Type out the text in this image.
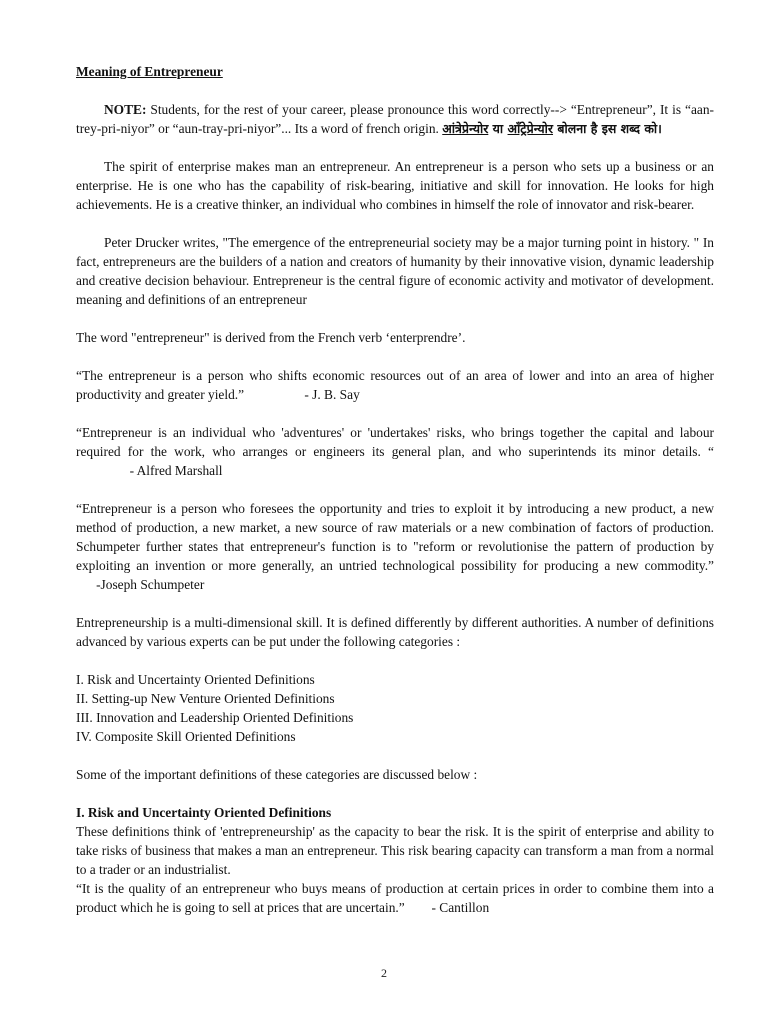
Meaning of Entrepreneur
NOTE: Students, for the rest of your career, please pronounce this word correctly--> “Entrepreneur”, It is “aan-trey-pri-niyor” or “aun-tray-pri-niyor”... Its a word of french origin. आंत्रेप्रेन्योर या ऑंट्रेप्रेन्योर बोलना है इस शब्द को।
The spirit of enterprise makes man an entrepreneur. An entrepreneur is a person who sets up a business or an enterprise. He is one who has the capability of risk-bearing, initiative and skill for innovation. He looks for high achievements. He is a creative thinker, an individual who combines in himself the role of innovator and risk-bearer.
Peter Drucker writes, "The emergence of the entrepreneurial society may be a major turning point in history. " In fact, entrepreneurs are the builders of a nation and creators of humanity by their innovative vision, dynamic leadership and creative decision behaviour. Entrepreneur is the central figure of economic activity and motivator of development. meaning and definitions of an entrepreneur
The word "entrepreneur" is derived from the French verb ‘enterprendre’.
“The entrepreneur is a person who shifts economic resources out of an area of lower and into an area of higher productivity and greater yield.”                  - J. B. Say
“Entrepreneur is an individual who 'adventures' or 'undertakes' risks, who brings together the capital and labour required for the work, who arranges or engineers its general plan, and who superintends its minor details. “                - Alfred Marshall
“Entrepreneur is a person who foresees the opportunity and tries to exploit it by introducing a new product, a new method of production, a new market, a new source of raw materials or a new combination of factors of production. Schumpeter further states that entrepreneur's function is to "reform or revolutionise the pattern of production by exploiting an invention or more generally, an untried technological possibility for producing a new commodity.”      -Joseph Schumpeter
Entrepreneurship is a multi-dimensional skill. It is defined differently by different authorities. A number of definitions advanced by various experts can be put under the following categories :
I. Risk and Uncertainty Oriented Definitions
II. Setting-up New Venture Oriented Definitions
III. Innovation and Leadership Oriented Definitions
IV. Composite Skill Oriented Definitions
Some of the important definitions of these categories are discussed below :
I. Risk and Uncertainty Oriented Definitions
These definitions think of 'entrepreneurship' as the capacity to bear the risk. It is the spirit of enterprise and ability to take risks of business that makes a man an entrepreneur. This risk bearing capacity can transform a man from a normal to a trader or an industrialist.
“It is the quality of an entrepreneur who buys means of production at certain prices in order to combine them into a product which he is going to sell at prices that are uncertain.”        - Cantillon
2
